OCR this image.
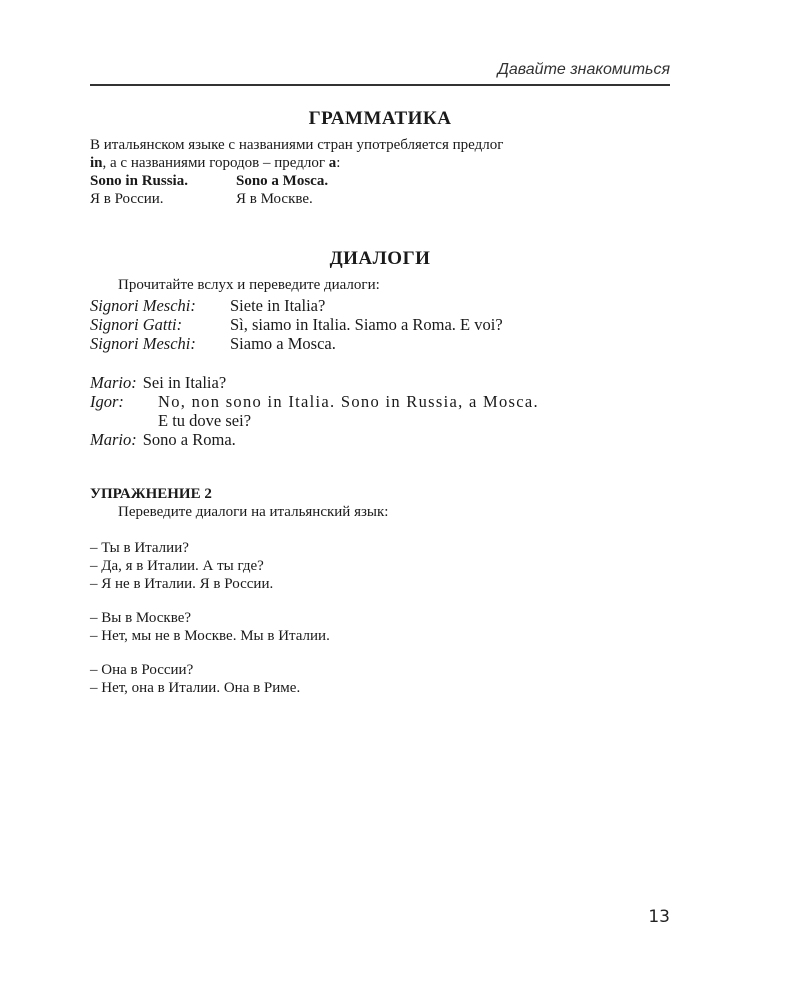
Давайте знакомиться
ГРАММАТИКА

В итальянском языке с названиями стран употребляется предлог

in, а с названиями городов – предлог a:

Sono in Russia.	Sono a Mosca.
Я в России.	Я в Москве.
ДИАЛОГИ

Прочитайте вслух и переведите диалоги:

Signori Meschi:	Siete in Italia?

Signori Gatti:	Sì, siamo in Italia. Siamo a Roma. E voi?

Signori Meschi:	Siamo a Mosca.

Mario: Sei in Italia?

Igor:	No, non sono in Italia. Sono in Russia, a Mosca.
E tu dove sei?

Mario: Sono a Roma.

УПРАЖНЕНИЕ 2

Переведите диалоги на итальянский язык:

– Ты в Италии?

– Да, я в Италии. А ты где?

– Я не в Италии. Я в России.

– Вы в Москве?

– Нет, мы не в Москве. Мы в Италии.

– Она в России?

– Нет, она в Италии. Она в Риме.

13
